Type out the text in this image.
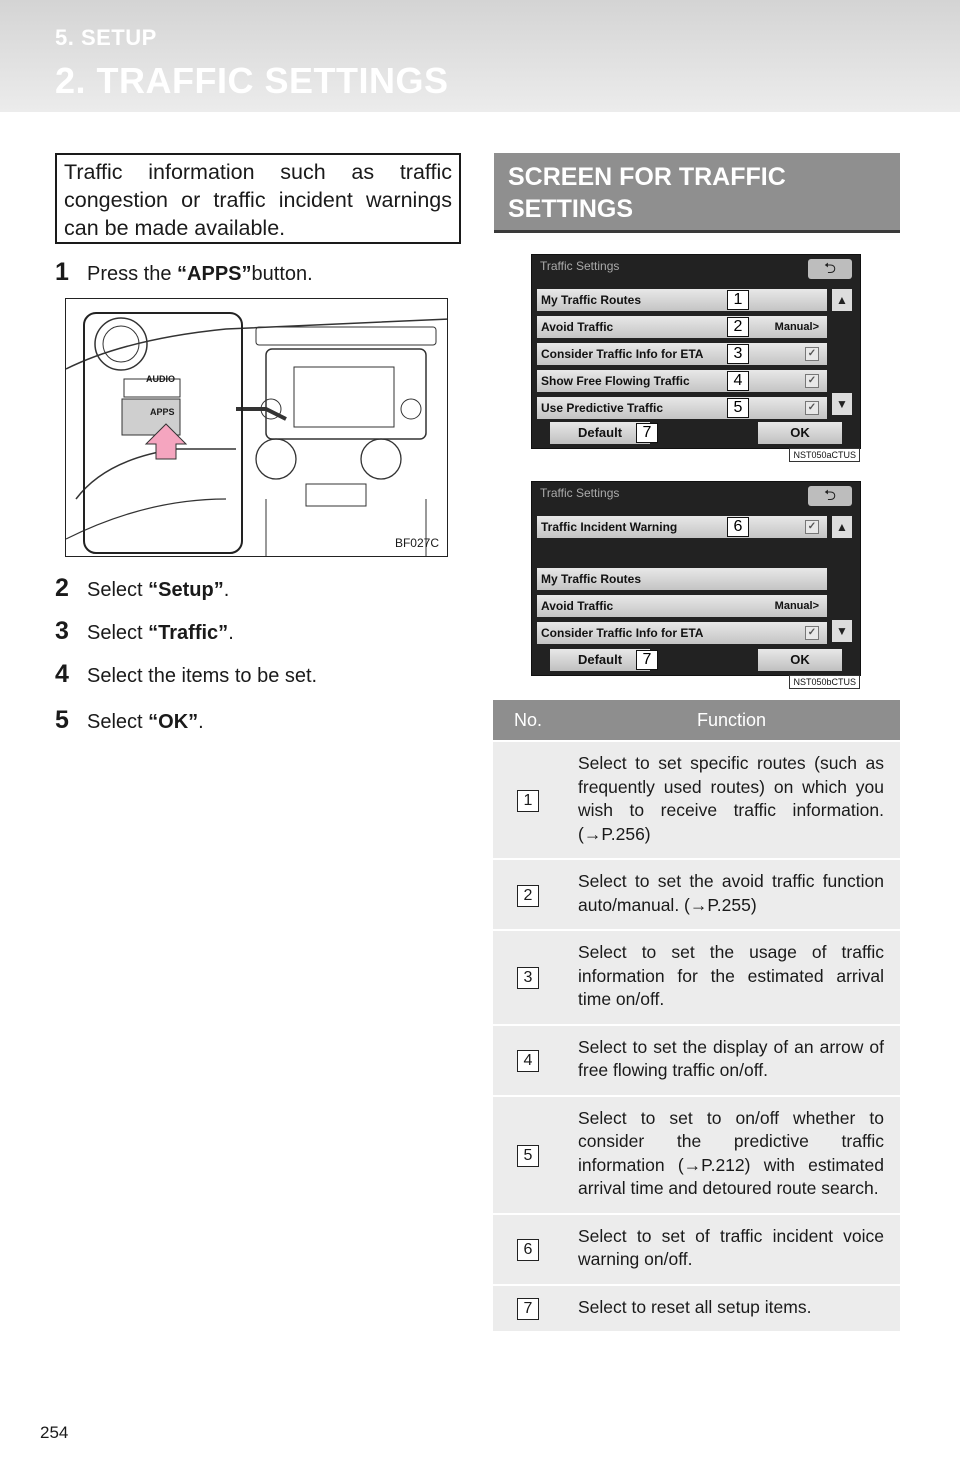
5. SETUP
2. TRAFFIC SETTINGS
Traffic information such as traffic congestion or traffic incident warnings can be made available.
1 Press the
“APPS” button.
AUDIO
APPS
BF027C
2 Select
“Setup” .
3 Select
“Traffic” .
4 Select the items to be set.
5 Select
“OK” .
SCREEN FOR TRAFFIC SETTINGS
Traffic Settings	⮌
My Traffic Routes	1
Avoid Traffic	2	Manual>
Consider Traffic Info for ETA	3	✓
Show Free Flowing Traffic	4	✓
Use Predictive Traffic	5	✓
▲
▼
Default	7	OK
NST050aCTUS
Traffic Settings	⮌
Traffic Incident Warning	6	✓
My Traffic Routes
Avoid Traffic	Manual>
Consider Traffic Info for ETA	✓
▲
▼
Default	7	OK
NST050bCTUS
No.	Function
1	Select to set specific routes (such as frequently used routes) on which you wish to receive traffic information. (→P.256)
2	Select to set the avoid traffic function auto/manual. (→P.255)
3	Select to set the usage of traffic information for the estimated arrival time on/off.
4	Select to set the display of an arrow of free flowing traffic on/off.
5	Select to set to on/off whether to consider the predictive traffic information (→P.212) with estimated arrival time and detoured route search.
6	Select to set of traffic incident voice warning on/off.
7	Select to reset all setup items.
254
